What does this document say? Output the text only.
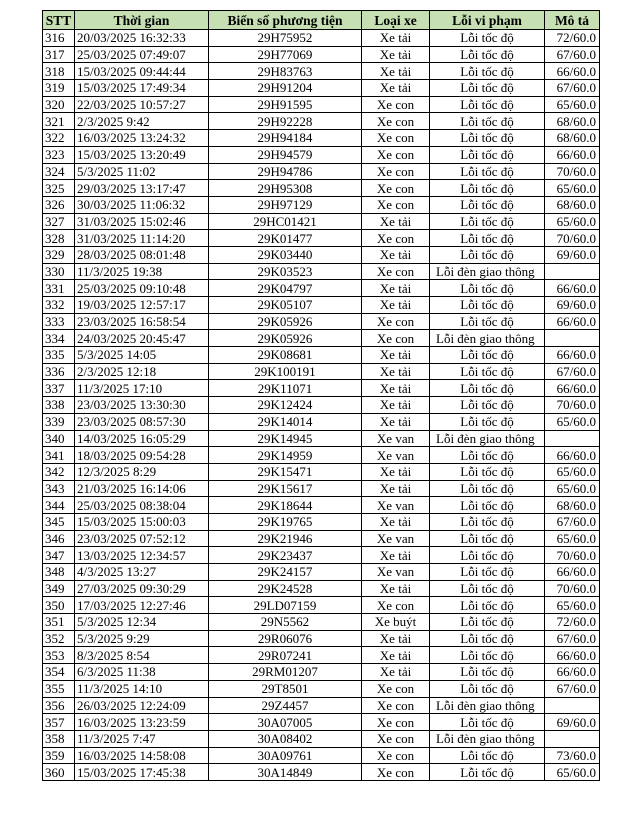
STT	Thời gian	Biển số phương tiện	Loại xe	Lỗi vi phạm	Mô tả
316	20/03/2025 16:32:33	29H75952	Xe tải	Lỗi tốc độ	72/60.0
317	25/03/2025 07:49:07	29H77069	Xe tải	Lỗi tốc độ	67/60.0
318	15/03/2025 09:44:44	29H83763	Xe tải	Lỗi tốc độ	66/60.0
319	15/03/2025 17:49:34	29H91204	Xe tải	Lỗi tốc độ	67/60.0
320	22/03/2025 10:57:27	29H91595	Xe con	Lỗi tốc độ	65/60.0
321	2/3/2025 9:42	29H92228	Xe con	Lỗi tốc độ	68/60.0
322	16/03/2025 13:24:32	29H94184	Xe con	Lỗi tốc độ	68/60.0
323	15/03/2025 13:20:49	29H94579	Xe con	Lỗi tốc độ	66/60.0
324	5/3/2025 11:02	29H94786	Xe con	Lỗi tốc độ	70/60.0
325	29/03/2025 13:17:47	29H95308	Xe con	Lỗi tốc độ	65/60.0
326	30/03/2025 11:06:32	29H97129	Xe con	Lỗi tốc độ	68/60.0
327	31/03/2025 15:02:46	29HC01421	Xe tải	Lỗi tốc độ	65/60.0
328	31/03/2025 11:14:20	29K01477	Xe con	Lỗi tốc độ	70/60.0
329	28/03/2025 08:01:48	29K03440	Xe tải	Lỗi tốc độ	69/60.0
330	11/3/2025 19:38	29K03523	Xe con	Lỗi đèn giao thông	
331	25/03/2025 09:10:48	29K04797	Xe tải	Lỗi tốc độ	66/60.0
332	19/03/2025 12:57:17	29K05107	Xe tải	Lỗi tốc độ	69/60.0
333	23/03/2025 16:58:54	29K05926	Xe con	Lỗi tốc độ	66/60.0
334	24/03/2025 20:45:47	29K05926	Xe con	Lỗi đèn giao thông	
335	5/3/2025 14:05	29K08681	Xe tải	Lỗi tốc độ	66/60.0
336	2/3/2025 12:18	29K100191	Xe tải	Lỗi tốc độ	67/60.0
337	11/3/2025 17:10	29K11071	Xe tải	Lỗi tốc độ	66/60.0
338	23/03/2025 13:30:30	29K12424	Xe tải	Lỗi tốc độ	70/60.0
339	23/03/2025 08:57:30	29K14014	Xe tải	Lỗi tốc độ	65/60.0
340	14/03/2025 16:05:29	29K14945	Xe van	Lỗi đèn giao thông	
341	18/03/2025 09:54:28	29K14959	Xe van	Lỗi tốc độ	66/60.0
342	12/3/2025 8:29	29K15471	Xe tải	Lỗi tốc độ	65/60.0
343	21/03/2025 16:14:06	29K15617	Xe tải	Lỗi tốc độ	65/60.0
344	25/03/2025 08:38:04	29K18644	Xe van	Lỗi tốc độ	68/60.0
345	15/03/2025 15:00:03	29K19765	Xe tải	Lỗi tốc độ	67/60.0
346	23/03/2025 07:52:12	29K21946	Xe van	Lỗi tốc độ	65/60.0
347	13/03/2025 12:34:57	29K23437	Xe tải	Lỗi tốc độ	70/60.0
348	4/3/2025 13:27	29K24157	Xe van	Lỗi tốc độ	66/60.0
349	27/03/2025 09:30:29	29K24528	Xe tải	Lỗi tốc độ	70/60.0
350	17/03/2025 12:27:46	29LD07159	Xe con	Lỗi tốc độ	65/60.0
351	5/3/2025 12:34	29N5562	Xe buýt	Lỗi tốc độ	72/60.0
352	5/3/2025 9:29	29R06076	Xe tải	Lỗi tốc độ	67/60.0
353	8/3/2025 8:54	29R07241	Xe tải	Lỗi tốc độ	66/60.0
354	6/3/2025 11:38	29RM01207	Xe tải	Lỗi tốc độ	66/60.0
355	11/3/2025 14:10	29T8501	Xe con	Lỗi tốc độ	67/60.0
356	26/03/2025 12:24:09	29Z4457	Xe con	Lỗi đèn giao thông	
357	16/03/2025 13:23:59	30A07005	Xe con	Lỗi tốc độ	69/60.0
358	11/3/2025 7:47	30A08402	Xe con	Lỗi đèn giao thông	
359	16/03/2025 14:58:08	30A09761	Xe con	Lỗi tốc độ	73/60.0
360	15/03/2025 17:45:38	30A14849	Xe con	Lỗi tốc độ	65/60.0
